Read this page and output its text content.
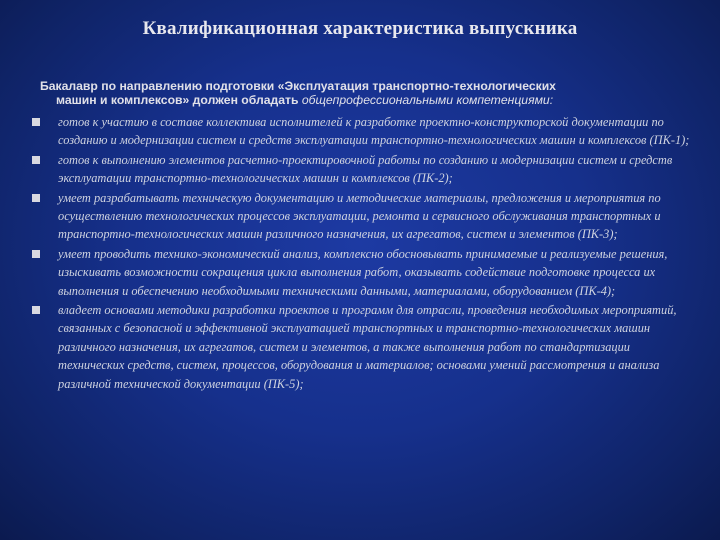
Квалификационная характеристика выпускника
Бакалавр по направлению подготовки «Эксплуатация транспортно-технологических
машин и комплексов» должен обладать общепрофессиональными компетенциями:
готов к участию в составе коллектива исполнителей к разработке проектно-конструкторской документации по созданию и модернизации систем и средств эксплуатации транспортно-технологических машин и комплексов (ПК-1);
готов к выполнению элементов расчетно-проектировочной работы по созданию и модернизации систем и средств эксплуатации транспортно-технологических машин и комплексов (ПК-2);
умеет разрабатывать техническую документацию и методические материалы, предложения и мероприятия по осуществлению технологических процессов эксплуатации, ремонта и сервисного обслуживания транспортных и транспортно-технологических машин различного назначения, их агрегатов, систем и элементов (ПК-3);
умеет проводить технико-экономический анализ, комплексно обосновывать принимаемые и реализуемые решения, изыскивать возможности сокращения цикла выполнения работ, оказывать содействие подготовке процесса их выполнения и обеспечению необходимыми техническими данными, материалами, оборудованием (ПК-4);
владеет основами методики разработки проектов и программ для отрасли, проведения необходимых мероприятий, связанных с безопасной и эффективной эксплуатацией транспортных и транспортно-технологических машин различного назначения, их агрегатов, систем и элементов, а также выполнения работ по стандартизации технических средств, систем, процессов, оборудования и материалов; основами умений рассмотрения и анализа различной технической документации (ПК-5);
